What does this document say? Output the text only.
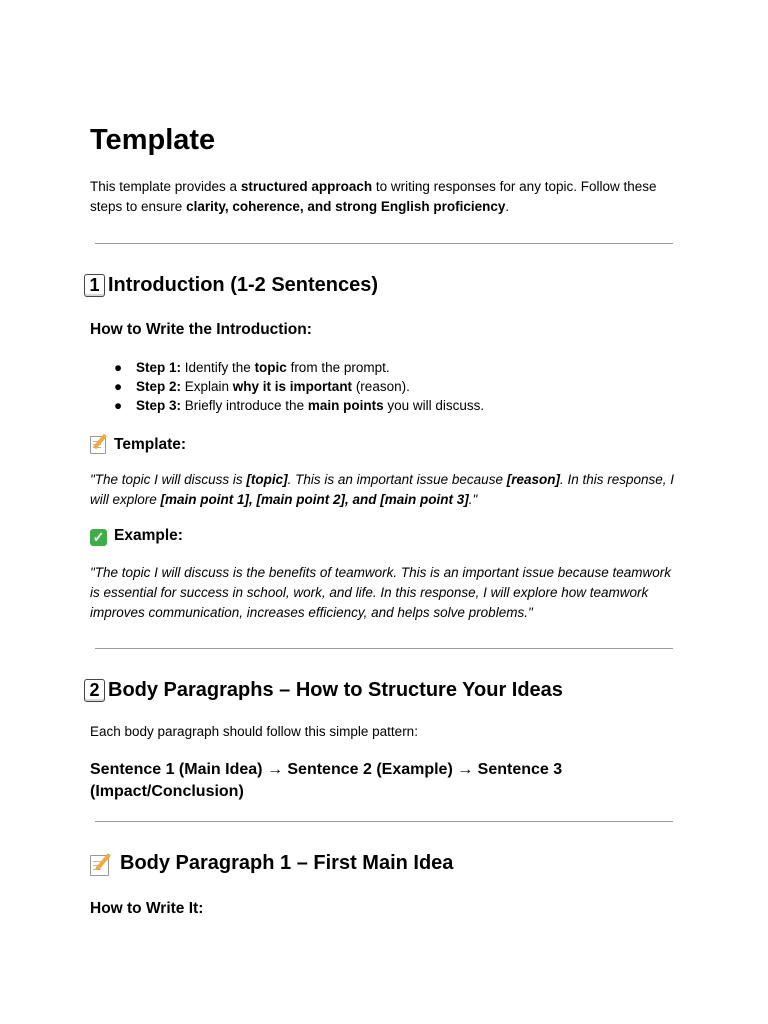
Template
This template provides a structured approach to writing responses for any topic. Follow these steps to ensure clarity, coherence, and strong English proficiency.
1 Introduction (1-2 Sentences)
How to Write the Introduction:
● Step 1: Identify the topic from the prompt.
● Step 2: Explain why it is important (reason).
● Step 3: Briefly introduce the main points you will discuss.
Template:
"The topic I will discuss is [topic]. This is an important issue because [reason]. In this response, I will explore [main point 1], [main point 2], and [main point 3]."
✓ Example:
"The topic I will discuss is the benefits of teamwork. This is an important issue because teamwork is essential for success in school, work, and life. In this response, I will explore how teamwork improves communication, increases efficiency, and helps solve problems."
2 Body Paragraphs – How to Structure Your Ideas
Each body paragraph should follow this simple pattern:
Sentence 1 (Main Idea) → Sentence 2 (Example) → Sentence 3 (Impact/Conclusion)
Body Paragraph 1 – First Main Idea
How to Write It:
